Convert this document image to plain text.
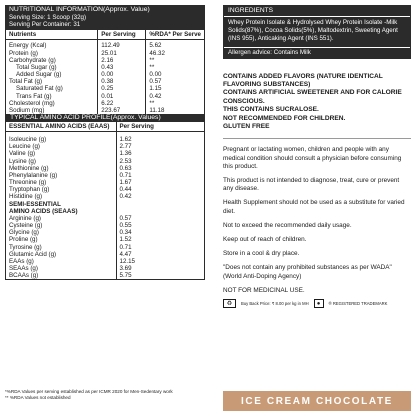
NUTRITIONAL INFORMATION(Approx. Value)
Serving Size: 1 Scoop (32g)
Serving Per Container: 31
Nutrients	Per Serving	%RDA* Per Serve
Energy (Kcal)	112.49	5.62
Protein (g)	25.01	46.32
Carbohydrate (g)	2.16	**
Total Sugar (g)	0.43	**
Added Sugar (g)	0.00	0.00
Total Fat (g)	0.38	0.57
Saturated Fat (g)	0.25	1.15
Trans Fat (g)	0.01	0.42
Cholesterol (mg)	6.22	**
Sodium (mg)	223.67	11.18
TYPICAL AMINO ACID PROFILE(Approx. Values)
ESSENTIAL AMINO ACIDS (EAAS)	Per Serving
Isoleucine (g)	1.62
Leucine (g)	2.77
Valine (g)	1.36
Lysine (g)	2.53
Methionine (g)	0.63
Phenylalanine (g)	0.71
Threonine (g)	1.67
Tryptophan (g)	0.44
Histidine (g)	0.42
SEMI-ESSENTIAL	
AMINO ACIDS (SEAAS)	
Arginine (g)	0.57
Cysteine (g)	0.55
Glycine (g)	0.34
Proline (g)	1.52
Tyrosine (g)	0.71
Glutamic Acid (g)	4.47
EAAs (g)	12.15
SEAAs (g)	3.69
BCAAs (g)	5.75
*%RDA Values per serving established as per ICMR 2020 for Men-Sedentary work
** %RDA Values not established
INGREDIENTS
Whey Protein Isolate & Hydrolysed Whey Protein Isolate -Milk Solids(87%), Cocoa Solids(5%), Maltodextrin, Sweeting Agent (INS 955), Anticaking Agent (INS 551).
Allergen advice: Contains Milk
CONTAINS ADDED FLAVORS (NATURE IDENTICAL FLAVORING SUBSTANCES)
CONTAINS ARTIFICIAL SWEETENER AND FOR CALORIE CONSCIOUS.
THIS CONTAINS SUCRALOSE.
NOT RECOMMENDED FOR CHILDREN.
GLUTEN FREE
Pregnant or lactating women, children and people with any medical condition should consult a physician before consuming this product.
This product is not intended to diagnose, treat, cure or prevent any disease.
Health Supplement should not be used as a substitute for varied diet.
Not to exceed the recommended daily usage.
Keep out of reach of children.
Store in a cool & dry place.
"Does not contain any prohibited substances as per WADA" (World Anti-Doping Agency)
NOT FOR MEDICINAL USE.
♻	Buy Back Price: ₹ 8.00 per kg in MH	●	® REGISTERED TRADEMARK
ICE CREAM CHOCOLATE
